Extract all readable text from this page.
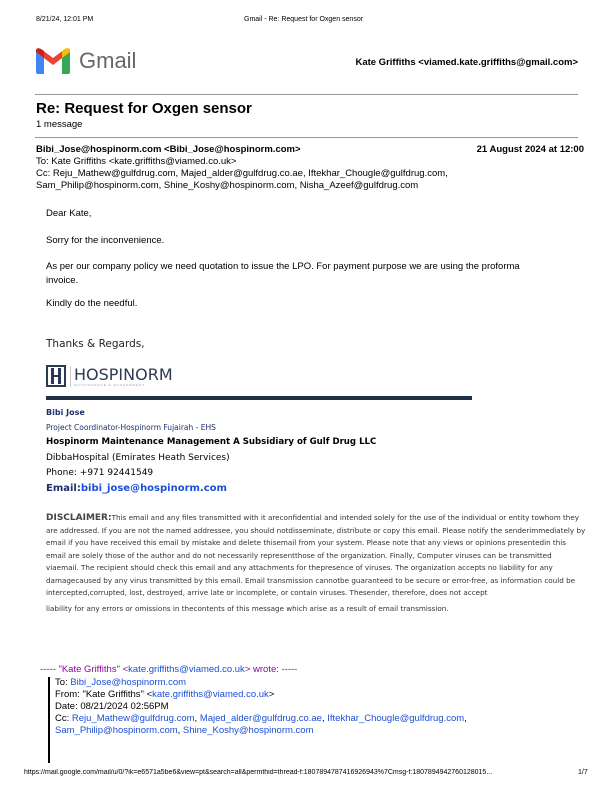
8/21/24, 12:01 PM	Gmail - Re: Request for Oxgen sensor
Gmail	Kate Griffiths <viamed.kate.griffiths@gmail.com>
Re: Request for Oxgen sensor
1 message
Bibi_Jose@hospinorm.com <Bibi_Jose@hospinorm.com>	21 August 2024 at 12:00
To: Kate Griffiths <kate.griffiths@viamed.co.uk>
Cc: Reju_Mathew@gulfdrug.com, Majed_alder@gulfdrug.co.ae, Iftekhar_Chougle@gulfdrug.com,
Sam_Philip@hospinorm.com, Shine_Koshy@hospinorm.com, Nisha_Azeef@gulfdrug.com
Dear Kate,
Sorry for the inconvenience.
As per our company policy we need quotation to issue the LPO. For payment purpose we are using the proforma invoice.
Kindly do the needful.
Thanks & Regards,
HOSPINORM
MAINTENANCE & MANAGEMENT
Bibi Jose
Project Coordinator-Hospinorm Fujairah - EHS
Hospinorm Maintenance Management A Subsidiary of Gulf Drug LLC
DibbaHospital (Emirates Heath Services)
Phone: +971 92441549
Email:bibi_jose@hospinorm.com
DISCLAIMER:This email and any files transmitted with it areconfidential and intended solely for the use of the individual or entity towhom they are addressed. If you are not the named addressee, you should notdisseminate, distribute or copy this email. Please notify the senderimmediately by email if you have received this email by mistake and delete thisemail from your system. Please note that any views or opinions presentedin this email are solely those of the author and do not necessarily representthose of the organization. Finally, Computer viruses can be transmitted viaemail. The recipient should check this email and any attachments for thepresence of viruses. The organization accepts no liability for any damagecaused by any virus transmitted by this email. Email transmission cannotbe guaranteed to be secure or error-free, as information could be intercepted,corrupted, lost, destroyed, arrive late or incomplete, or contain viruses. Thesender, therefore, does not accept
liability for any errors or omissions in thecontents of this message which arise as a result of email transmission.
----- "Kate Griffiths" <kate.griffiths@viamed.co.uk> wrote: -----
To: Bibi_Jose@hospinorm.com
From: "Kate Griffiths" <kate.griffiths@viamed.co.uk>
Date: 08/21/2024 02:56PM
Cc: Reju_Mathew@gulfdrug.com, Majed_alder@gulfdrug.co.ae, Iftekhar_Chougle@gulfdrug.com,
Sam_Philip@hospinorm.com, Shine_Koshy@hospinorm.com
https://mail.google.com/mail/u/0/?ik=e6571a5be6&view=pt&search=all&permthid=thread-f:1807894787416926943%7Cmsg-f:1807894942760128015...	1/7
